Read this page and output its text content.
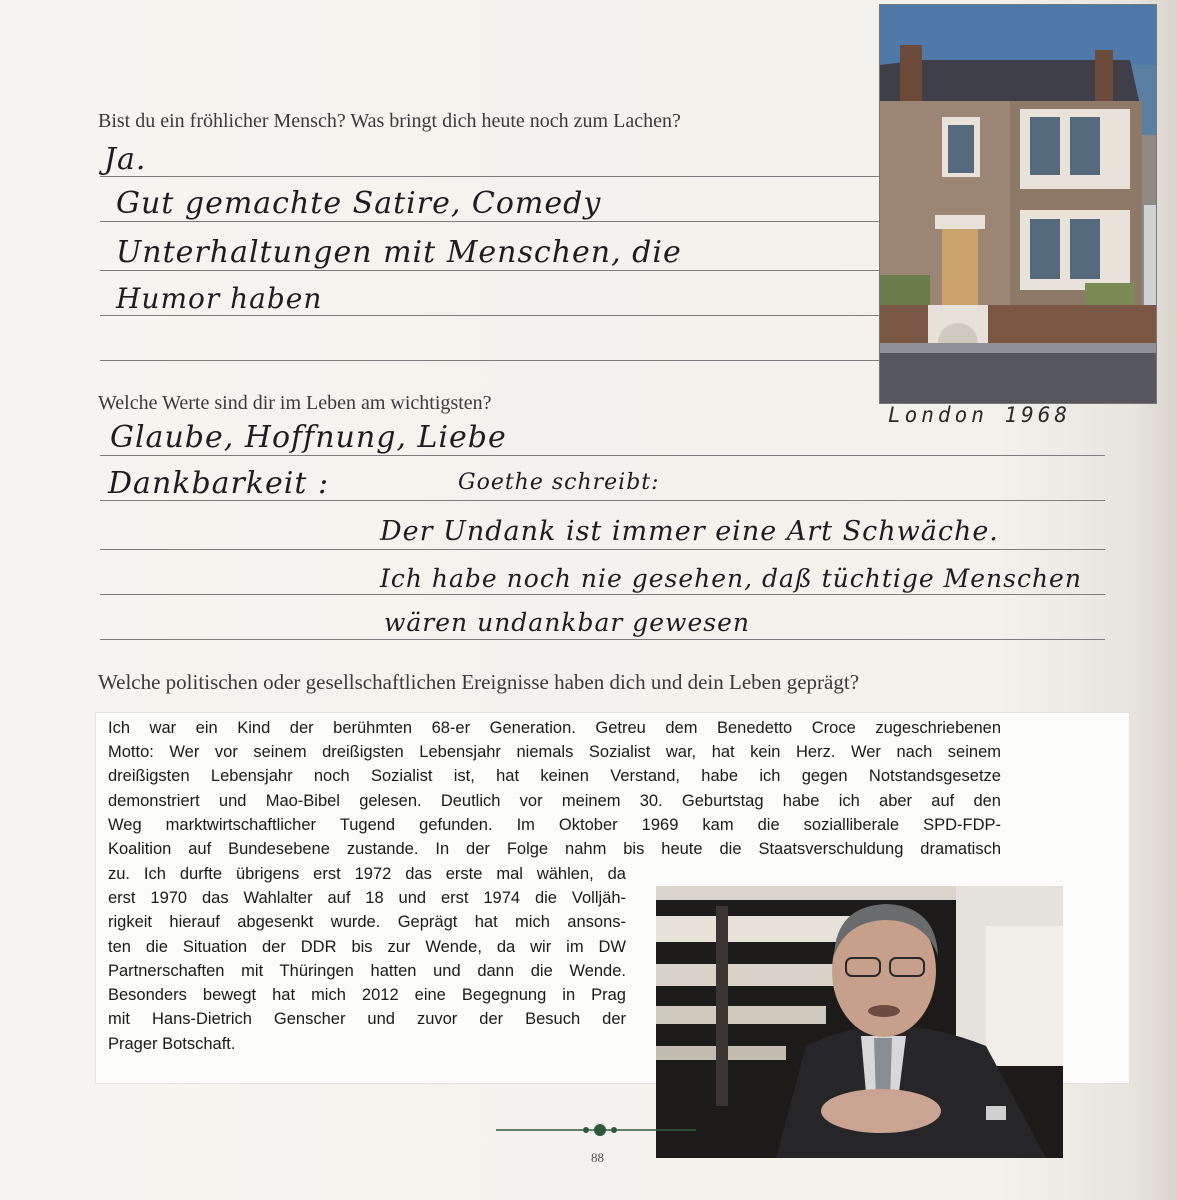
Bist du ein fröhlicher Mensch? Was bringt dich heute noch zum Lachen?
Ja.
Gut gemachte Satire, Comedy
Unterhaltungen mit Menschen, die
Humor haben
London 1968
Welche Werte sind dir im Leben am wichtigsten?
Glaube, Hoffnung, Liebe
Dankbarkeit :	Goethe schreibt:
Der Undank ist immer eine Art Schwäche.
Ich habe noch nie gesehen, daß tüchtige Menschen
wären undankbar gewesen
Welche politischen oder gesellschaftlichen Ereignisse haben dich und dein Leben geprägt?
Ich war ein Kind der berühmten 68-er Generation. Getreu dem Benedetto Croce zugeschriebenen
Motto: Wer vor seinem dreißigsten Lebensjahr niemals Sozialist war, hat kein Herz. Wer nach seinem
dreißigsten Lebensjahr noch Sozialist ist, hat keinen Verstand, habe ich gegen Notstandsgesetze
demonstriert und Mao-Bibel gelesen. Deutlich vor meinem 30. Geburtstag habe ich aber auf den
Weg marktwirtschaftlicher Tugend gefunden. Im Oktober 1969 kam die sozialliberale SPD-FDP-
Koalition auf Bundesebene zustande. In der Folge nahm bis heute die Staatsverschuldung dramatisch
zu. Ich durfte übrigens erst 1972 das erste mal wählen, da
erst 1970 das Wahlalter auf 18 und erst 1974 die Volljäh-
rigkeit hierauf abgesenkt wurde. Geprägt hat mich ansons-
ten die Situation der DDR bis zur Wende, da wir im DW
Partnerschaften mit Thüringen hatten und dann die Wende.
Besonders bewegt hat mich 2012 eine Begegnung in Prag
mit Hans-Dietrich Genscher und zuvor der Besuch der
Prager Botschaft.
88
